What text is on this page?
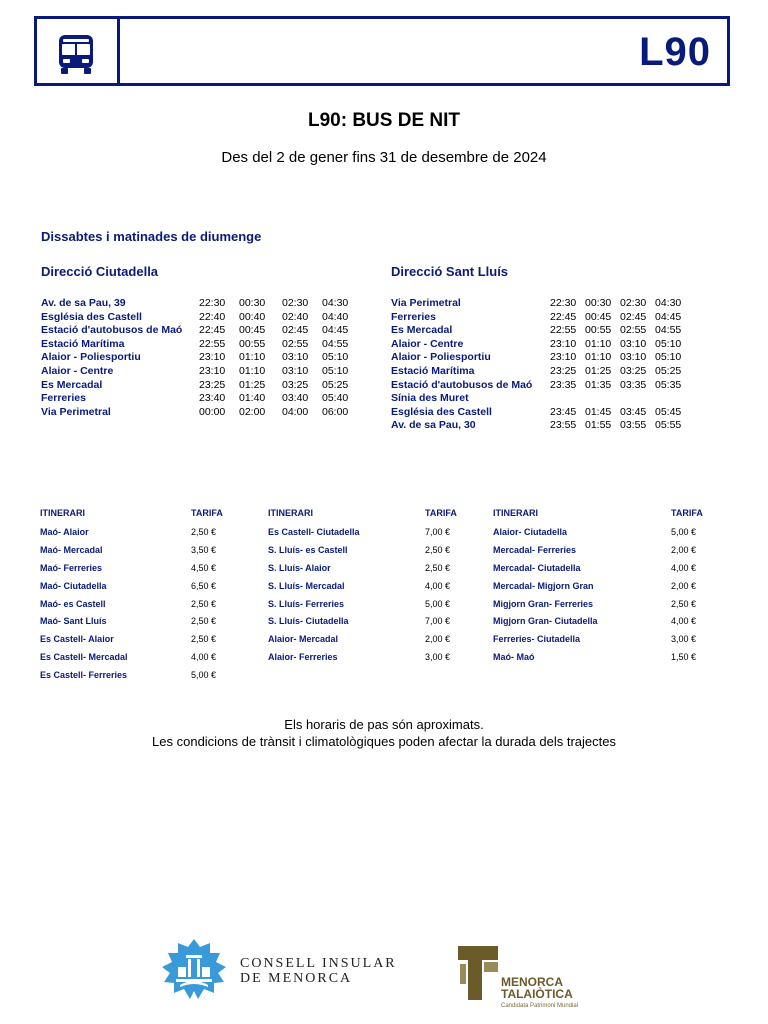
L90
L90: BUS DE NIT
Des del 2 de gener fins 31 de desembre de 2024
Dissabtes i matinades de diumenge
Direcció Ciutadella	Direcció Sant Lluís
Av. de sa Pau, 39	22:30 00:30 02:30 04:30
Església des Castell	22:40 00:40 02:40 04:40
Estació d'autobusos de Maó 22:45 00:45 02:45 04:45
Estació Marítima	22:55 00:55 02:55 04:55
Alaior - Poliesportiu	23:10 01:10 03:10 05:10
Alaior - Centre	23:10 01:10 03:10 05:10
Es Mercadal	23:25 01:25 03:25 05:25
Ferreries	23:40 01:40 03:40 05:40
Via Perimetral	00:00 02:00 04:00 06:00
Via Perimetral	22:30 00:30 02:30 04:30
Ferreries	22:45 00:45 02:45 04:45
Es Mercadal	22:55 00:55 02:55 04:55
Alaior - Centre	23:10 01:10 03:10 05:10
Alaior - Poliesportiu	23:10 01:10 03:10 05:10
Estació Marítima	23:25 01:25 03:25 05:25
Estació d'autobusos de Maó 23:35 01:35 03:35 05:35
Sínia des Muret
Església des Castell	23:45 01:45 03:45 05:45
Av. de sa Pau, 30	23:55 01:55 03:55 05:55
ITINERARI	TARIFA
Maó- Alaior	2,50 €
Maó- Mercadal	3,50 €
Maó- Ferreries	4,50 €
Maó- Ciutadella	6,50 €
Maó- es Castell	2,50 €
Maó- Sant Lluís	2,50 €
Es Castell- Alaior	2,50 €
Es Castell- Mercadal	4,00 €
Es Castell- Ferreries	5,00 €
ITINERARI	TARIFA
Es Castell- Ciutadella	7,00 €
S. Lluís- es Castell	2,50 €
S. Lluís- Alaior	2,50 €
S. Lluís- Mercadal	4,00 €
S. Lluís- Ferreries	5,00 €
S. Lluís- Ciutadella	7,00 €
Alaior- Mercadal	2,00 €
Alaior- Ferreries	3,00 €
ITINERARI	TARIFA
Alaior- Ciutadella	5,00 €
Mercadal- Ferreries	2,00 €
Mercadal- Ciutadella	4,00 €
Mercadal- Migjorn Gran	2,00 €
Migjorn Gran- Ferreries	2,50 €
Migjorn Gran- Ciutadella	4,00 €
Ferreries- Ciutadella	3,00 €
Maó- Maó	1,50 €
Els horaris de pas són aproximats.
Les condicions de trànsit i climatològiques poden afectar la durada dels trajectes
CONSELL INSULAR
DE MENORCA	MENORCA
TALAIÒTICA
Candidata Patrimoni Mundial
